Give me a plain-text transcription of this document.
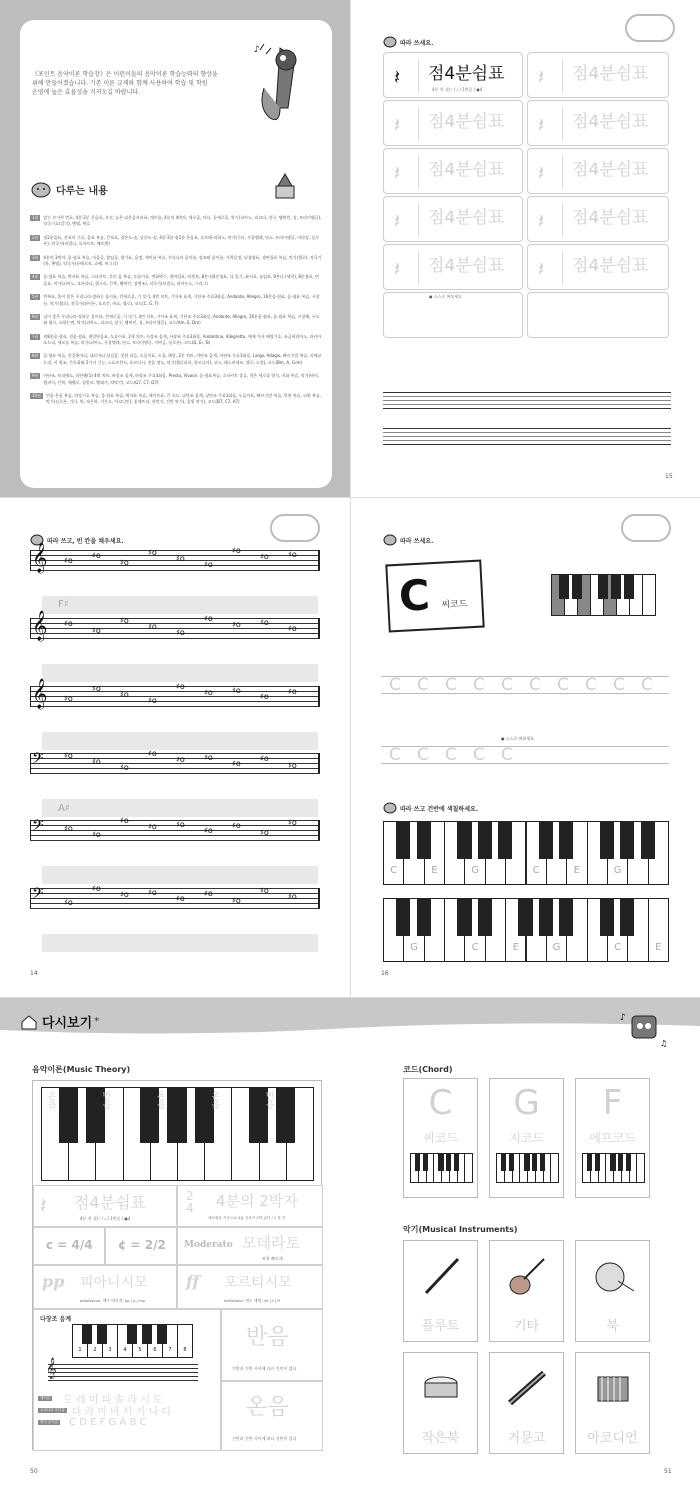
♪

《포인트 음악이론 학습장》은 어린이들의 음악이론 학습능력의 향상을

위해 만들어졌습니다. 기존 이론 교재와 함께 사용하여 학습 및 학원

운영에 높은 효율성을 거저오길 바랍니다.

다루는 내용
1권	앉는 손가락 번호, 4분·2분 온음표, 오선, 높은·낮은음자리표, 계이름, 4분의 4박자, 세로줄, 마디, 끝세로줄, 악기(피아노, 리코더, 장구, 탬버린, 징, 트라이앵글), 악곡기호(알기), 멘델, 버흐
2권	점2분음표, 온표의 기호, 음표 복습, 큰보표, 겹온도-솔, 낮은도-솔, 4분·2분·점2분·온음표, 오르페-리하노, 악기(기타, 우쿨렐레, 단소, 트라이앵글, 마라킹, 실로폰), 악곡가(비발디, 모차르트, 베토벤)
3권	4분의 3박자, 음·쉼표 복습, 이음줄, 붙임줄, 쉼가표, 음정, 계이름 복습, 우리나라 음이름, 장조와 음이름, 가락음정, 뒤셈쉼표, 셈여림표 복습, 악기(첼로), 작곡가(차, 헨델), 악곡가(슈베르트, 쇼팽, 바그너)
4권	음·쉼표 복습, 박자표 복습, 스타카토, 흔미 음 복습, 도돌이표, 변화박수, 셈여림표, 악센트, 8분·점4분쉼표, 다 잉기, 좌저표, 늘임표, 9본다 (세미), 8분쉼표, 변음표, 악기(피아노, 오카리나, 핸크리, 큰북, 탬버린, 징엔조), 작곡가(브람스, 하이든스, 그리그)
5권	반복표, 흩어 붙은 우리나라·정하루 음이름, 견세로줄, 기 잇기, 4번 치트, 기어조 표게, 기단조 주요3화음, Andante, Allegro, 16분음·쉼표, 음·쉼표 복습, 시창 등, 악기(첼로), 작곡가(하이든, 오르간, 바흐, 첼로), 코드(C, G, F)
6권	낮이 좋은 우리나라·장하루 음이름, 견세로줄, 기 잇기, 4번 치트, 기이조 표게, 기단조 주요3화음, Andante, Allegro, 16분음·쉼표, 음·쉼표 복습, 시창해, 두도와 협시, 더하는면, 악기(피아노, 리코더, 장구, 탬버린, 징, 트라이앵글), 코드(Am, E, Dm)
7권	점8분음·쉼표, 점음·쉼표, 셋잇단음표, 도돌이표, 2세 치트, 사장조 음계, 사장조 주요3화음, Andantino, Allegretto, 예제 가사 해정기호, 조금세리아노, 리카아포드리, 세모를 복습, 악기(피아노, 우쿨렐레, 단소, 트라이앵글, 가야금, 실로폰), 코드(D, E♭, B)
8권	음·쉼표 복습, 못갖춘마디, 네로마디 당김음, 못된 리듬, 도돌이표, 도집, 페달, 2분 치트, 마단조 음계, 마단조 주요3화음, Largo, Adagio, 빠르기말 복습, 리에코드리, 이 방조, 큰동화와 2가지 기능, 스포르찬도, 포르티시, 전음 정도, 악기(첼로피파, 하모니카), 코스, 레스비세즈, 멜로, 드럼), 코드(Bm, A, G♯m)
9권	마단조, 트리에도, 라단해(1) 4박 치트, 바장조 음계, 바장조 주요3화음, Presto, Vivace, 음·쉼표복습, 스타카토 종류, 작은 세로줄 방식, 지화 복습, 악기(바이, 캠퍼이, 큰북, 채펠로, 심벌즈, 빨래기, 악탁기), 코드(G7, C7, D7)
10권	빈음·온음 복습, 악장기호 복습, 음·쉼표 복습, 박자표 복습, 레가토표, 큰 오도, 낮단조 음계, 낮단조 주요3화음, 도돌이표, 빠르기말 복습, 악현 복습, 피원 복습, 악기(실로폰, 기타, 북, 작은북, 거문고, 아코디언), 꽃매뜨리, 관악기, 건반 악기), 음원 악기), 코드(B7, C7, A7)
따라 쓰세요.
𝄽 점4분쉼표
4분 쉰 쉬는 / ♩ / 1번음 / ●4
𝄽 점4분쉼표
𝄽 점4분쉼표 𝄽 점4분쉼표
𝄽 점4분쉼표 𝄽 점4분쉼표
𝄽 점4분쉼표 𝄽 점4분쉼표
𝄽 점4분쉼표 𝄽 점4분쉼표
● 스스로 써보세요
15
따라 쓰고, 빈 칸을 채우세요.
𝄞 ♯o
♯o
♯o
♯o
♯o
♯o
♯o
♯o ♯o
𝄞 ♯o
♯o
♯o
♯o
♯o
♯o
♯o ♯o
♯o
𝄞 ♯o
♯o
♯o
♯o
♯o
♯o ♯o
♯o
♯o
𝄢	♯o
♯o
♯o
♯o
♯o ♯o
♯o
♯o
♯o
𝄢	♯o
♯o
♯o
♯o ♯o
♯o
♯o
♯o
♯o
𝄢	♯o
♯o
♯o ♯o
♯o
♯o
♯o
♯o
♯o
F♯
A♯
14
따라 쓰세요.
C 씨코드
C C C C C C C C C C
● 스스로 써보세요
C C C C C
따라 쓰고 건반에 색칠하세요.
C	E	G	C	E	G
G	C	E	G	C	E
16
다시보기 *	♪
♫
음악이론(Music Theory)
온음	반음	온음	온음	반음
𝄽 점4분쉼표
4분 쉰 쉬는 / ♩ / 1번음 / ●4
2
4 4분의 2박자
세로줄을 기준으로 4분 음표가 2박 있다 / 1 강 약
c = 4/4 ¢ = 2/2 Moderato 모데라토
보통 빠르게
pp 피아니시모
pianissimo, 매우 여리게, pp | p | mp
ff 포르티시모
fortissimo, 매우 세게, mf | f | ff
다장조 음계
1	2	3	4	5	6	7	8
𝄞
계이름 도 레 미 파 솔 라 시 도
우리나라 음이름 다 라 마 바 사 가 나 다
영미 음이름 C D E F G A B C
반음
건반과 건반 사이에 다른 건반이 없다
온음
건반과 건반 사이에 하나 건반이 있다
50
코드(Chord)
C
씨코드
G
지코드
F
에프코드
악기(Musical Instruments)
플루트	기타	북
작은북	거문고	아코디언
51
